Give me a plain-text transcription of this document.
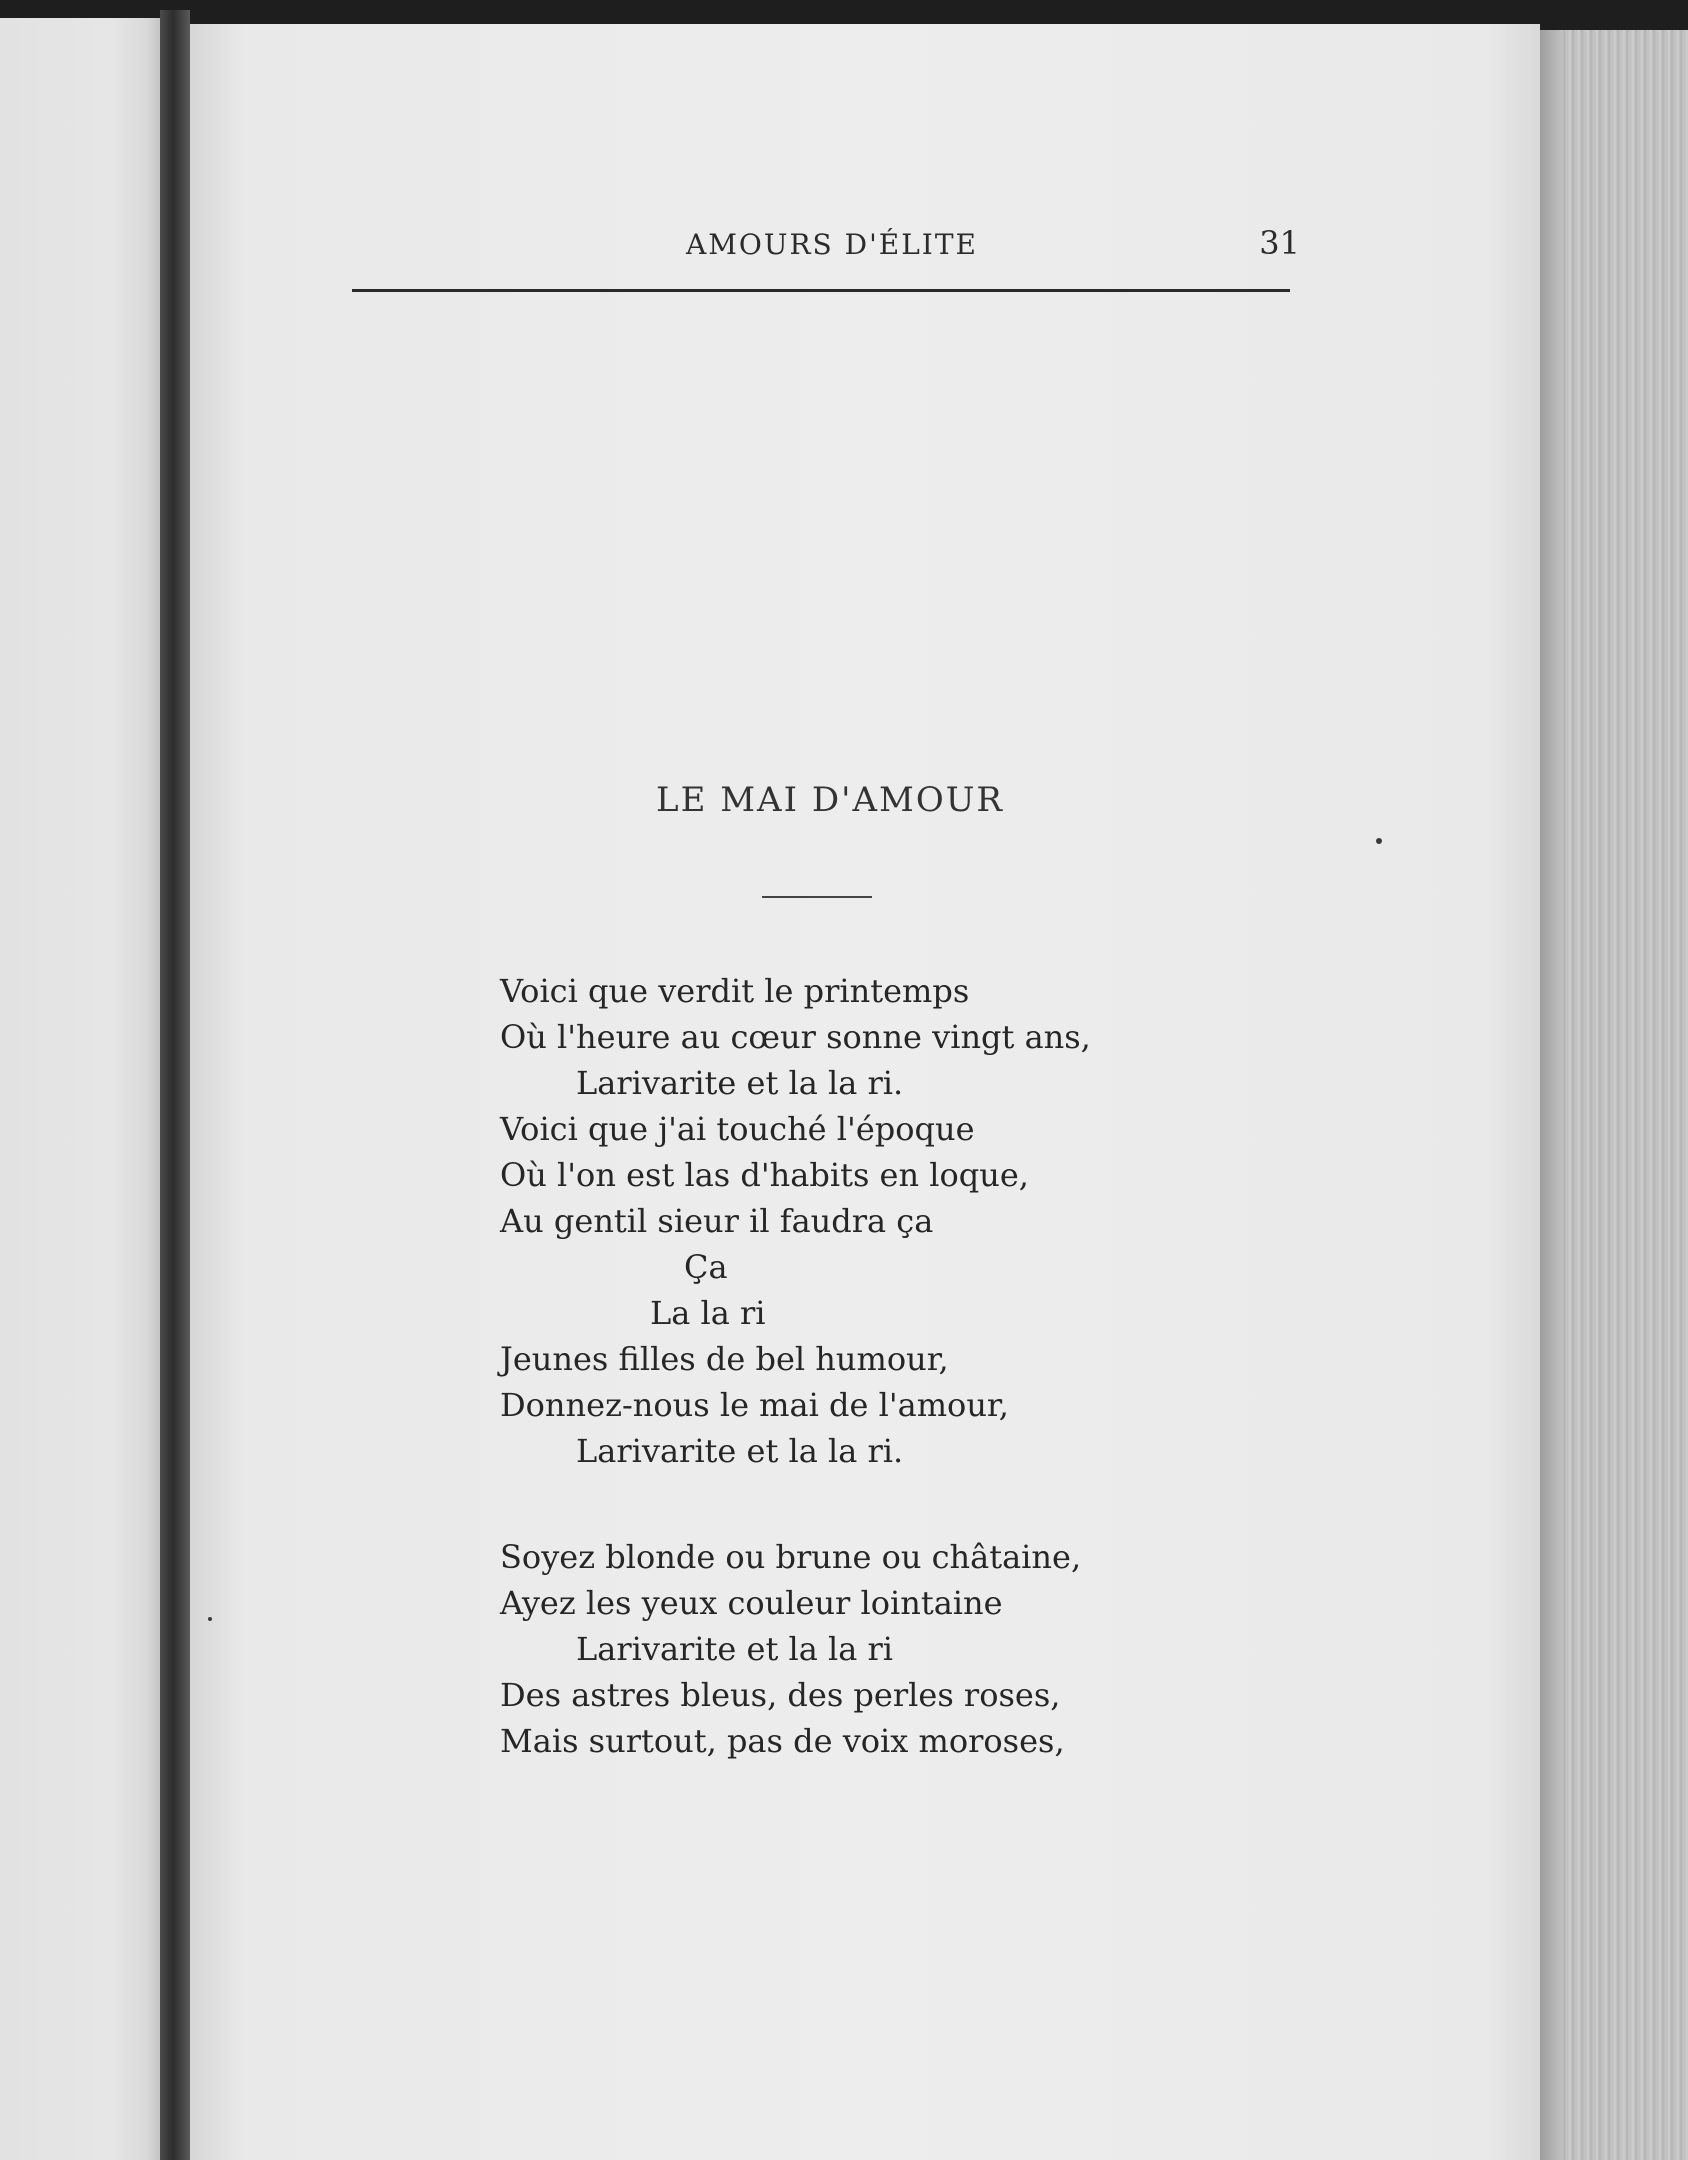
AMOURS D'ÉLITE	31
LE MAI D'AMOUR
Voici que verdit le printemps
Où l'heure au cœur sonne vingt ans,
Larivarite et la la ri.
Voici que j'ai touché l'époque
Où l'on est las d'habits en loque,
Au gentil sieur il faudra ça
Ça
La la ri
Jeunes filles de bel humour,
Donnez-nous le mai de l'amour,
Larivarite et la la ri.
Soyez blonde ou brune ou châtaine,
Ayez les yeux couleur lointaine
Larivarite et la la ri
Des astres bleus, des perles roses,
Mais surtout, pas de voix moroses,
